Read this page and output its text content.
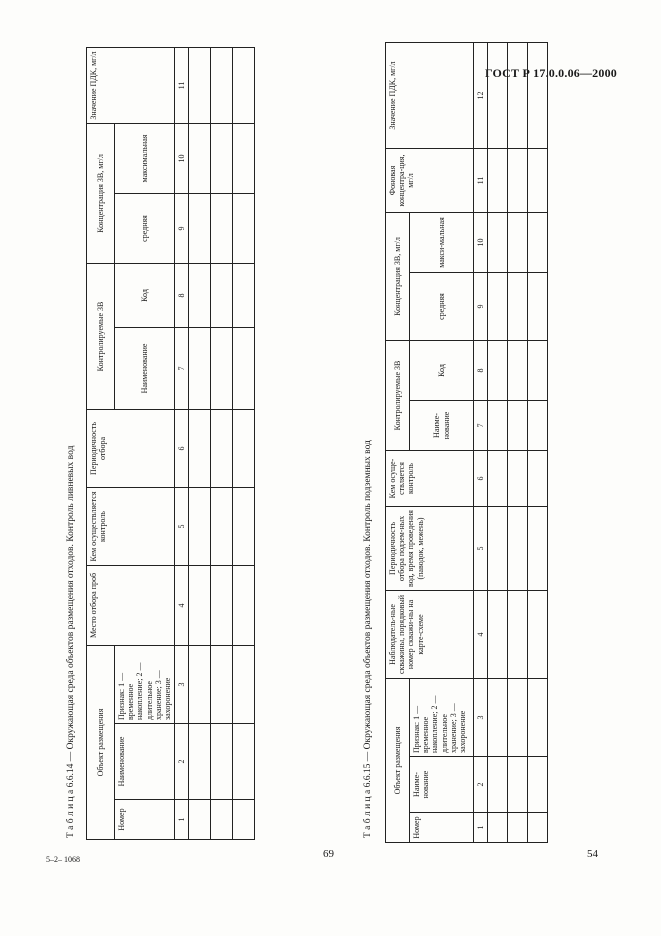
ГОСТ Р 17.0.0.06—2000
69	54
5–2– 1068
Т а б л и ц а 6.6.14 — Окружающая среда объектов размещения отходов. Контроль ливневых вод Объект размещения			Место отбора проб	Кем осуществляется контроль	Периодичность отбора	Контролируемые ЗВ		Концентрация ЗВ, мг/л		Значение ПДК, мг/л
Номер	Наименование	Признак: 1 — временное накопление; 2 — длительное хранение; 3 — захоронение				Наименование	Код	средняя	максимальная	

1	2	3	4	5	6	7	8	9	10	11

Т а б л и ц а 6.6.15 — Окружающая среда объектов размещения отходов. Контроль подземных вод Объект размещения			Наблюдатель-ные скважины, порядковый номер скважи-ны на карте-схеме	Периодичность отбора подзем-ных вод, время проведения (паводок, межень)	Кем осуще-ствляется контроль	Контролируемые ЗВ		Концентрация ЗВ, мг/л		Фоновая концентра-ция, мг/л	Значение ПДК, мг/л
Номер	Наиме-нование	Признак: 1 — временное накопление; 2 — длительное хранение; 3 — захоронение				Наиме-нование	Код	средняя	макси-мальная		

1	2	3	4	5	6	7	8	9	10	11	12
